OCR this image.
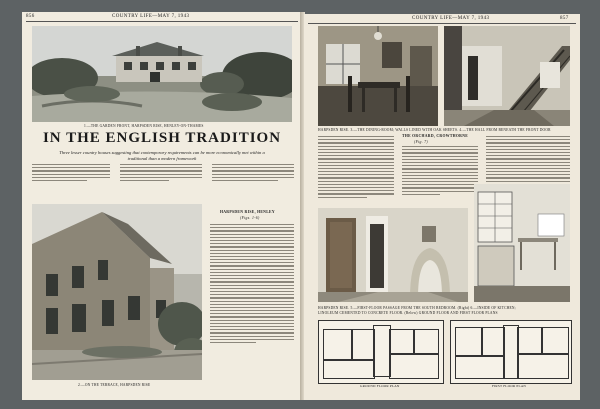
856	COUNTRY LIFE—MAY 7, 1943
1.—THE GARDEN FRONT, HARPSDEN RISE, HENLEY-ON-THAMES
IN THE ENGLISH TRADITION
Three lesser country houses suggesting that contemporary requirements can be more economically met within a traditional than a modern framework
2.—ON THE TERRACE, HARPSDEN RISE
HARPSDEN RISE, HENLEY
(Figs. 1-6)
COUNTRY LIFE—MAY 7, 1943	857
HARPSDEN RISE. 3.—THE DINING-ROOM; WALLS LINED WITH OAK SHEETS. 4.—THE HALL FROM BENEATH THE FRONT DOOR
THE ORCHARD, CROWTHORNE
(Fig. 7)
HARPSDEN RISE. 5.—FIRST-FLOOR PASSAGE FROM THE SOUTH BEDROOM. (Right) 6.—INSIDE OF KITCHEN;
LINOLEUM CEMENTED TO CONCRETE FLOOR. (Below) GROUND FLOOR AND FIRST FLOOR PLANS
GROUND FLOOR PLAN	FIRST FLOOR PLAN
